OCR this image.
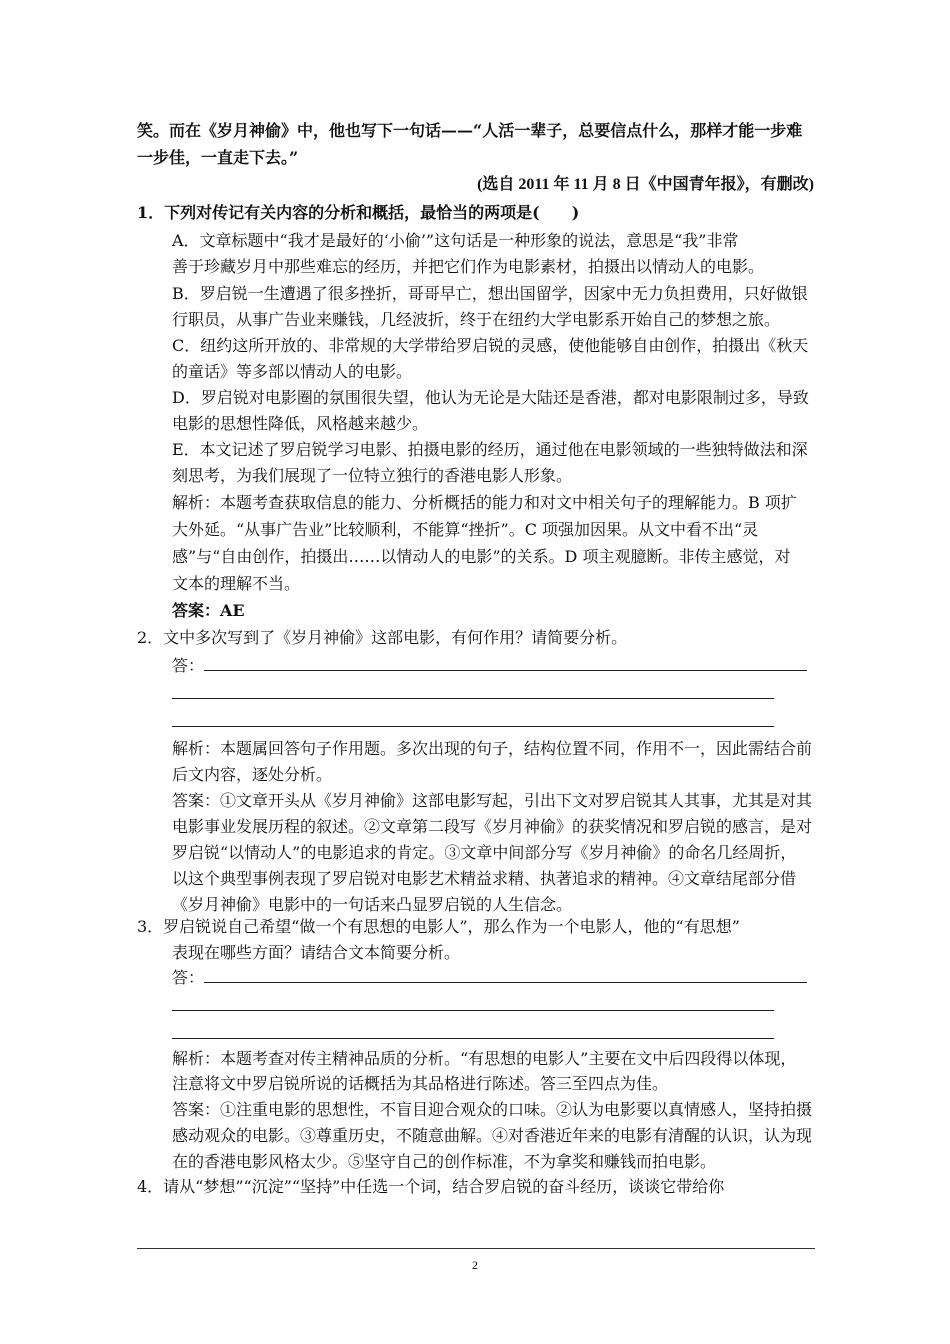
笑。而在《岁月神偷》中，他也写下一句话——“人活一辈子，总要信点什么，那样才能一步难
一步佳，一直走下去。”
(选自 2011 年 11 月 8 日《中国青年报》，有删改)
1．下列对传记有关内容的分析和概括，最恰当的两项是(　　)
A．文章标题中“我才是最好的‘小偷’”这句话是一种形象的说法，意思是“我”非常
善于珍藏岁月中那些难忘的经历，并把它们作为电影素材，拍摄出以情动人的电影。
B．罗启锐一生遭遇了很多挫折，哥哥早亡，想出国留学，因家中无力负担费用，只好做银
行职员，从事广告业来赚钱，几经波折，终于在纽约大学电影系开始自己的梦想之旅。
C．纽约这所开放的、非常规的大学带给罗启锐的灵感，使他能够自由创作，拍摄出《秋天
的童话》等多部以情动人的电影。
D．罗启锐对电影圈的氛围很失望，他认为无论是大陆还是香港，都对电影限制过多，导致
电影的思想性降低，风格越来越少。
E．本文记述了罗启锐学习电影、拍摄电影的经历，通过他在电影领域的一些独特做法和深
刻思考，为我们展现了一位特立独行的香港电影人形象。
解析：本题考查获取信息的能力、分析概括的能力和对文中相关句子的理解能力。B 项扩
大外延。“从事广告业”比较顺利，不能算“挫折”。C 项强加因果。从文中看不出“灵
感”与“自由创作，拍摄出……以情动人的电影”的关系。D 项主观臆断。非传主感觉，对
文本的理解不当。
答案：AE
2．文中多次写到了《岁月神偷》这部电影，有何作用？请简要分析。
答：
解析：本题属回答句子作用题。多次出现的句子，结构位置不同，作用不一，因此需结合前
后文内容，逐处分析。
答案：①文章开头从《岁月神偷》这部电影写起，引出下文对罗启锐其人其事，尤其是对其
电影事业发展历程的叙述。②文章第二段写《岁月神偷》的获奖情况和罗启锐的感言，是对
罗启锐“以情动人”的电影追求的肯定。③文章中间部分写《岁月神偷》的命名几经周折，
以这个典型事例表现了罗启锐对电影艺术精益求精、执著追求的精神。④文章结尾部分借
《岁月神偷》电影中的一句话来凸显罗启锐的人生信念。
3．罗启锐说自己希望“做一个有思想的电影人”，那么作为一个电影人，他的“有思想”
表现在哪些方面？请结合文本简要分析。
答：
解析：本题考查对传主精神品质的分析。“有思想的电影人”主要在文中后四段得以体现，
注意将文中罗启锐所说的话概括为其品格进行陈述。答三至四点为佳。
答案：①注重电影的思想性，不盲目迎合观众的口味。②认为电影要以真情感人，坚持拍摄
感动观众的电影。③尊重历史，不随意曲解。④对香港近年来的电影有清醒的认识，认为现
在的香港电影风格太少。⑤坚守自己的创作标准，不为拿奖和赚钱而拍电影。
4．请从“梦想”“沉淀”“坚持”中任选一个词，结合罗启锐的奋斗经历，谈谈它带给你
2
